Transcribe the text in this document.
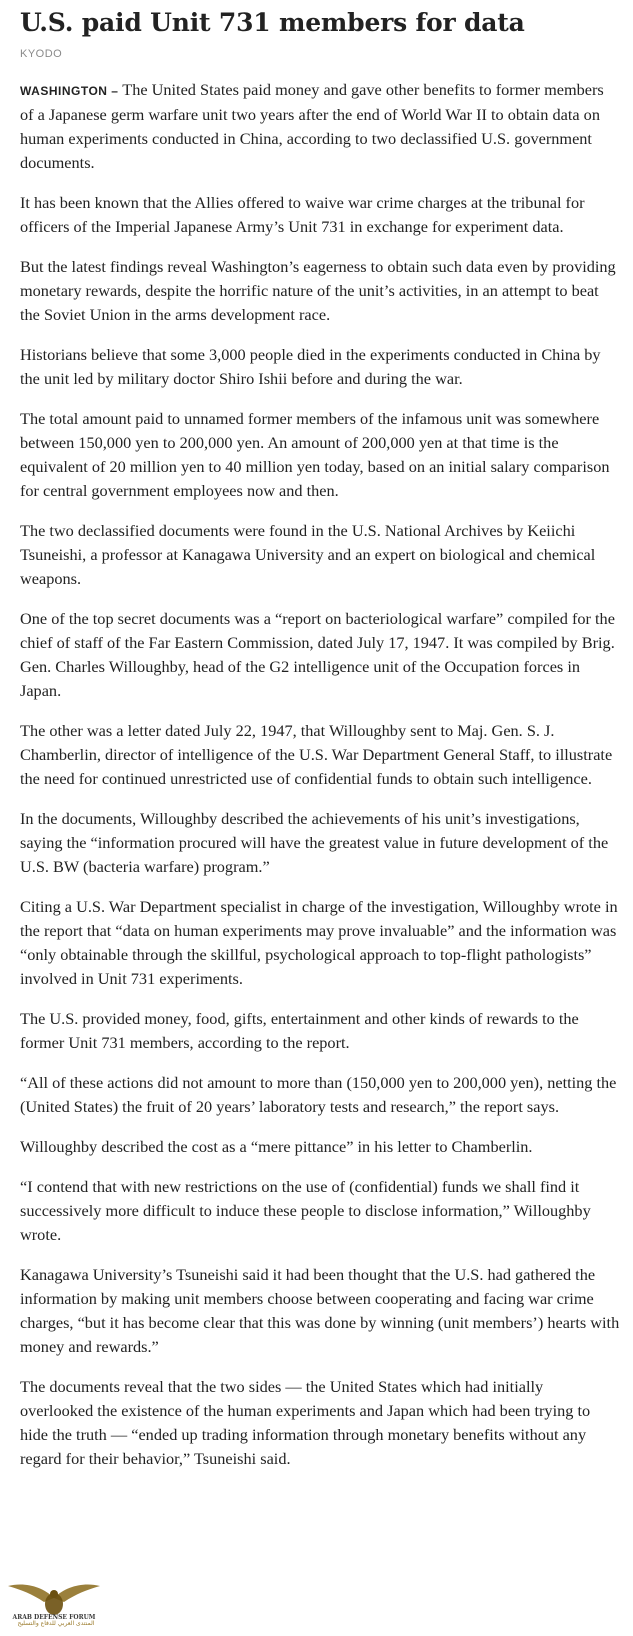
U.S. paid Unit 731 members for data
KYODO

WASHINGTON – The United States paid money and gave other benefits to former members of a Japanese germ warfare unit two years after the end of World War II to obtain data on human experiments conducted in China, according to two declassified U.S. government documents.

It has been known that the Allies offered to waive war crime charges at the tribunal for officers of the Imperial Japanese Army’s Unit 731 in exchange for experiment data.

But the latest findings reveal Washington’s eagerness to obtain such data even by providing monetary rewards, despite the horrific nature of the unit’s activities, in an attempt to beat the Soviet Union in the arms development race.

Historians believe that some 3,000 people died in the experiments conducted in China by the unit led by military doctor Shiro Ishii before and during the war.

The total amount paid to unnamed former members of the infamous unit was somewhere between 150,000 yen to 200,000 yen. An amount of 200,000 yen at that time is the equivalent of 20 million yen to 40 million yen today, based on an initial salary comparison for central government employees now and then.

The two declassified documents were found in the U.S. National Archives by Keiichi Tsuneishi, a professor at Kanagawa University and an expert on biological and chemical weapons.

One of the top secret documents was a “report on bacteriological warfare” compiled for the chief of staff of the Far Eastern Commission, dated July 17, 1947. It was compiled by Brig. Gen. Charles Willoughby, head of the G2 intelligence unit of the Occupation forces in Japan.

The other was a letter dated July 22, 1947, that Willoughby sent to Maj. Gen. S. J. Chamberlin, director of intelligence of the U.S. War Department General Staff, to illustrate the need for continued unrestricted use of confidential funds to obtain such intelligence.

In the documents, Willoughby described the achievements of his unit’s investigations, saying the “information procured will have the greatest value in future development of the U.S. BW (bacteria warfare) program.”

Citing a U.S. War Department specialist in charge of the investigation, Willoughby wrote in the report that “data on human experiments may prove invaluable” and the information was “only obtainable through the skillful, psychological approach to top-flight pathologists” involved in Unit 731 experiments.

The U.S. provided money, food, gifts, entertainment and other kinds of rewards to the former Unit 731 members, according to the report.

“All of these actions did not amount to more than (150,000 yen to 200,000 yen), netting the (United States) the fruit of 20 years’ laboratory tests and research,” the report says.

Willoughby described the cost as a “mere pittance” in his letter to Chamberlin.

“I contend that with new restrictions on the use of (confidential) funds we shall find it successively more difficult to induce these people to disclose information,” Willoughby wrote.

Kanagawa University’s Tsuneishi said it had been thought that the U.S. had gathered the information by making unit members choose between cooperating and facing war crime charges, “but it has become clear that this was done by winning (unit members’) hearts with money and rewards.”

The documents reveal that the two sides — the United States which had initially overlooked the existence of the human experiments and Japan which had been trying to hide the truth — “ended up trading information through monetary benefits without any regard for their behavior,” Tsuneishi said.

ARAB DEFENSE FORUM
المنتدى العربي للدفاع والتسليح
